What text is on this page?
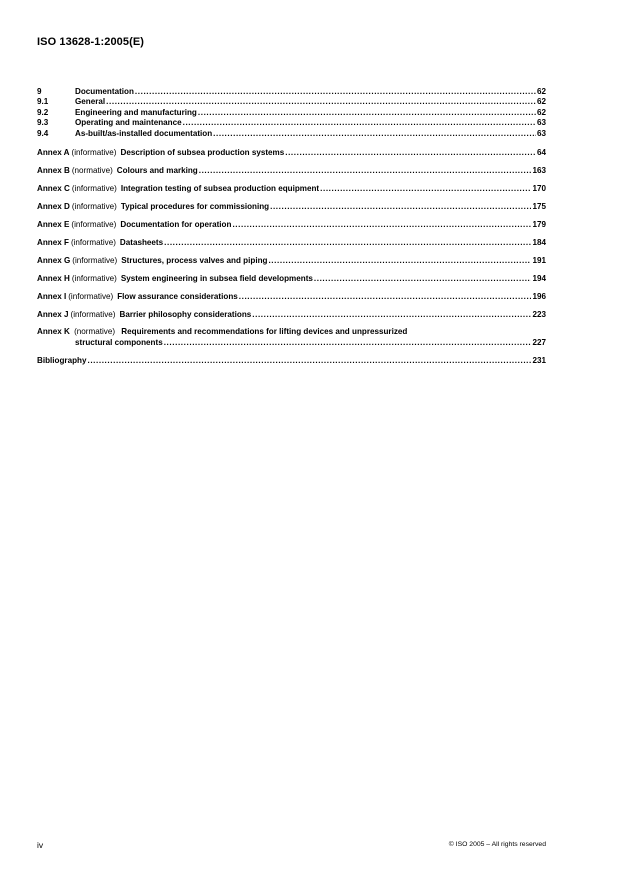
ISO 13628-1:2005(E)
9	Documentation .....	62
9.1	General .....	62
9.2	Engineering and manufacturing .....	62
9.3	Operating and maintenance .....	63
9.4	As-built/as-installed documentation .....	63
Annex A (informative) Description of subsea production systems .....	64
Annex B (normative) Colours and marking .....	163
Annex C (informative) Integration testing of subsea production equipment .....	170
Annex D (informative) Typical procedures for commissioning .....	175
Annex E (informative) Documentation for operation .....	179
Annex F (informative) Datasheets .....	184
Annex G (informative) Structures, process valves and piping .....	191
Annex H (informative) System engineering in subsea field developments .....	194
Annex I (informative) Flow assurance considerations .....	196
Annex J (informative) Barrier philosophy considerations .....	223
Annex K (normative) Requirements and recommendations for lifting devices and unpressurized
structural components .....	227
Bibliography .....	231
iv	© ISO 2005 – All rights reserved
